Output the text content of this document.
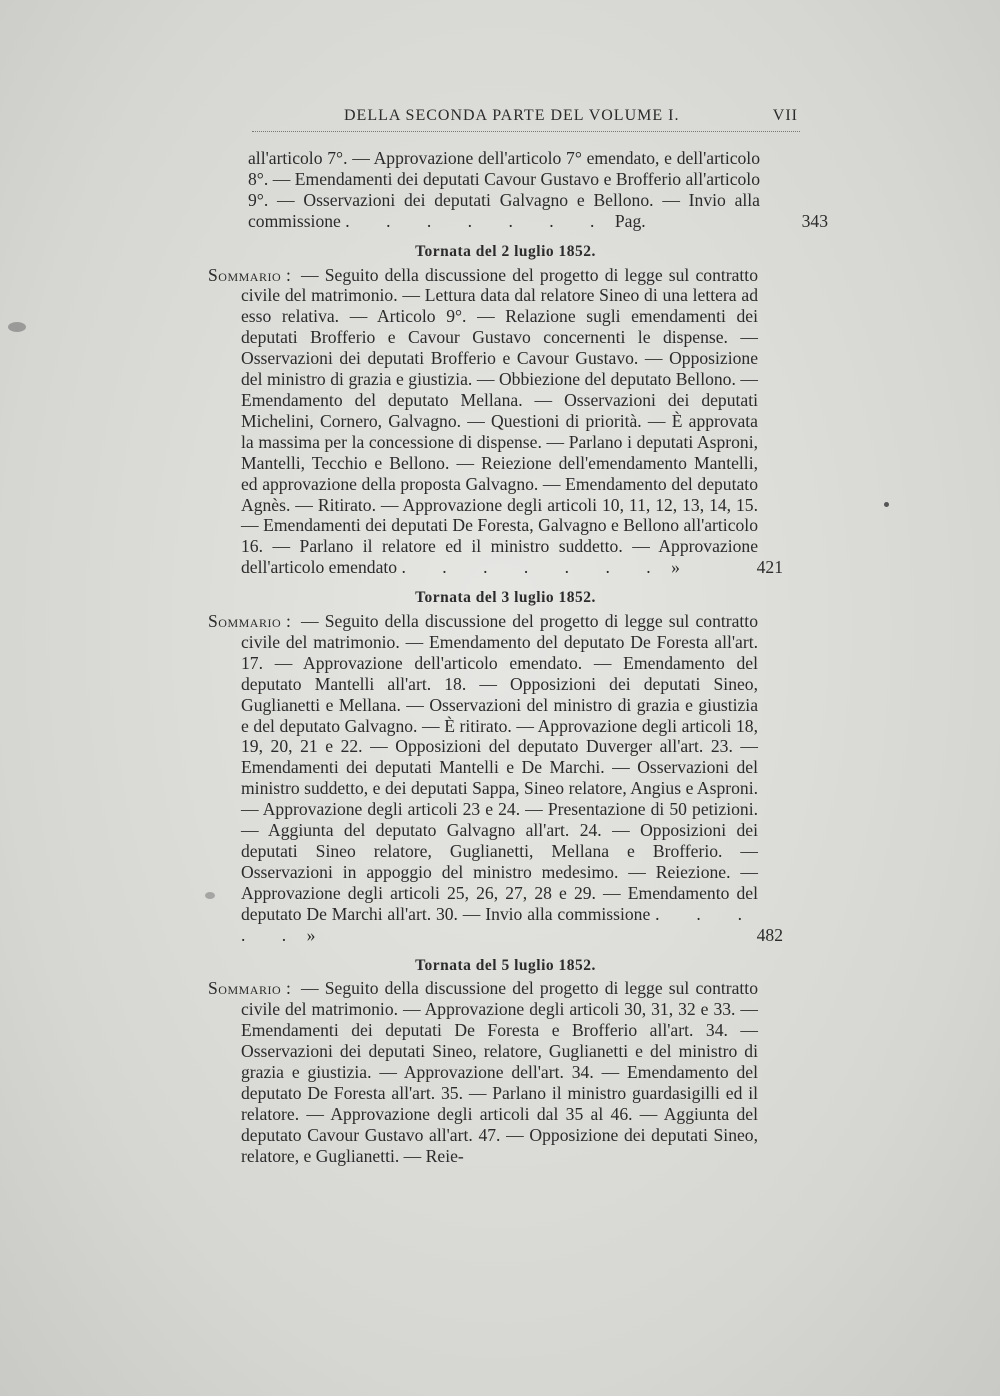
DELLA SECONDA PARTE DEL VOLUME I.	VII

all'articolo 7°. — Approvazione dell'articolo 7° emendato, e dell'articolo 8°. — Emendamenti dei deputati Cavour Gustavo e Brofferio all'articolo 9°. — Osservazioni dei deputati Galvagno e Bellono. — Invio alla commissione . . . . . . . Pag.	343

Tornata del 2 luglio 1852.

Sommario : — Seguito della discussione del progetto di legge sul contratto civile del matrimonio. — Lettura data dal relatore Sineo di una lettera ad esso relativa. — Articolo 9°. — Relazione sugli emendamenti dei deputati Brofferio e Cavour Gustavo concernenti le dispense. — Osservazioni dei deputati Brofferio e Cavour Gustavo. — Opposizione del ministro di grazia e giustizia. — Obbiezione del deputato Bellono. — Emendamento del deputato Mellana. — Osservazioni dei deputati Michelini, Cornero, Galvagno. — Questioni di priorità. — È approvata la massima per la concessione di dispense. — Parlano i deputati Asproni, Mantelli, Tecchio e Bellono. — Reiezione dell'emendamento Mantelli, ed approvazione della proposta Galvagno. — Emendamento del deputato Agnès. — Ritirato. — Approvazione degli articoli 10, 11, 12, 13, 14, 15. — Emendamenti dei deputati De Foresta, Galvagno e Bellono all'articolo 16. — Parlano il relatore ed il ministro suddetto. — Approvazione dell'articolo emendato . . . . . . . »	421

Tornata del 3 luglio 1852.

Sommario : — Seguito della discussione del progetto di legge sul contratto civile del matrimonio. — Emendamento del deputato De Foresta all'art. 17. — Approvazione dell'articolo emendato. — Emendamento del deputato Mantelli all'art. 18. — Opposizioni dei deputati Sineo, Guglianetti e Mellana. — Osservazioni del ministro di grazia e giustizia e del deputato Galvagno. — È ritirato. — Approvazione degli articoli 18, 19, 20, 21 e 22. — Opposizioni del deputato Duverger all'art. 23. — Emendamenti dei deputati Mantelli e De Marchi. — Osservazioni del ministro suddetto, e dei deputati Sappa, Sineo relatore, Angius e Asproni. — Approvazione degli articoli 23 e 24. — Presentazione di 50 petizioni. — Aggiunta del deputato Galvagno all'art. 24. — Opposizioni dei deputati Sineo relatore, Guglianetti, Mellana e Brofferio. — Osservazioni in appoggio del ministro medesimo. — Reiezione. — Approvazione degli articoli 25, 26, 27, 28 e 29. — Emendamento del deputato De Marchi all'art. 30. — Invio alla commissione . . . . . »	482

Tornata del 5 luglio 1852.

Sommario : — Seguito della discussione del progetto di legge sul contratto civile del matrimonio. — Approvazione degli articoli 30, 31, 32 e 33. — Emendamenti dei deputati De Foresta e Brofferio all'art. 34. — Osservazioni dei deputati Sineo, relatore, Guglianetti e del ministro di grazia e giustizia. — Approvazione dell'art. 34. — Emendamento del deputato De Foresta all'art. 35. — Parlano il ministro guardasigilli ed il relatore. — Approvazione degli articoli dal 35 al 46. — Aggiunta del deputato Cavour Gustavo all'art. 47. — Opposizione dei deputati Sineo, relatore, e Guglianetti. — Reie-
